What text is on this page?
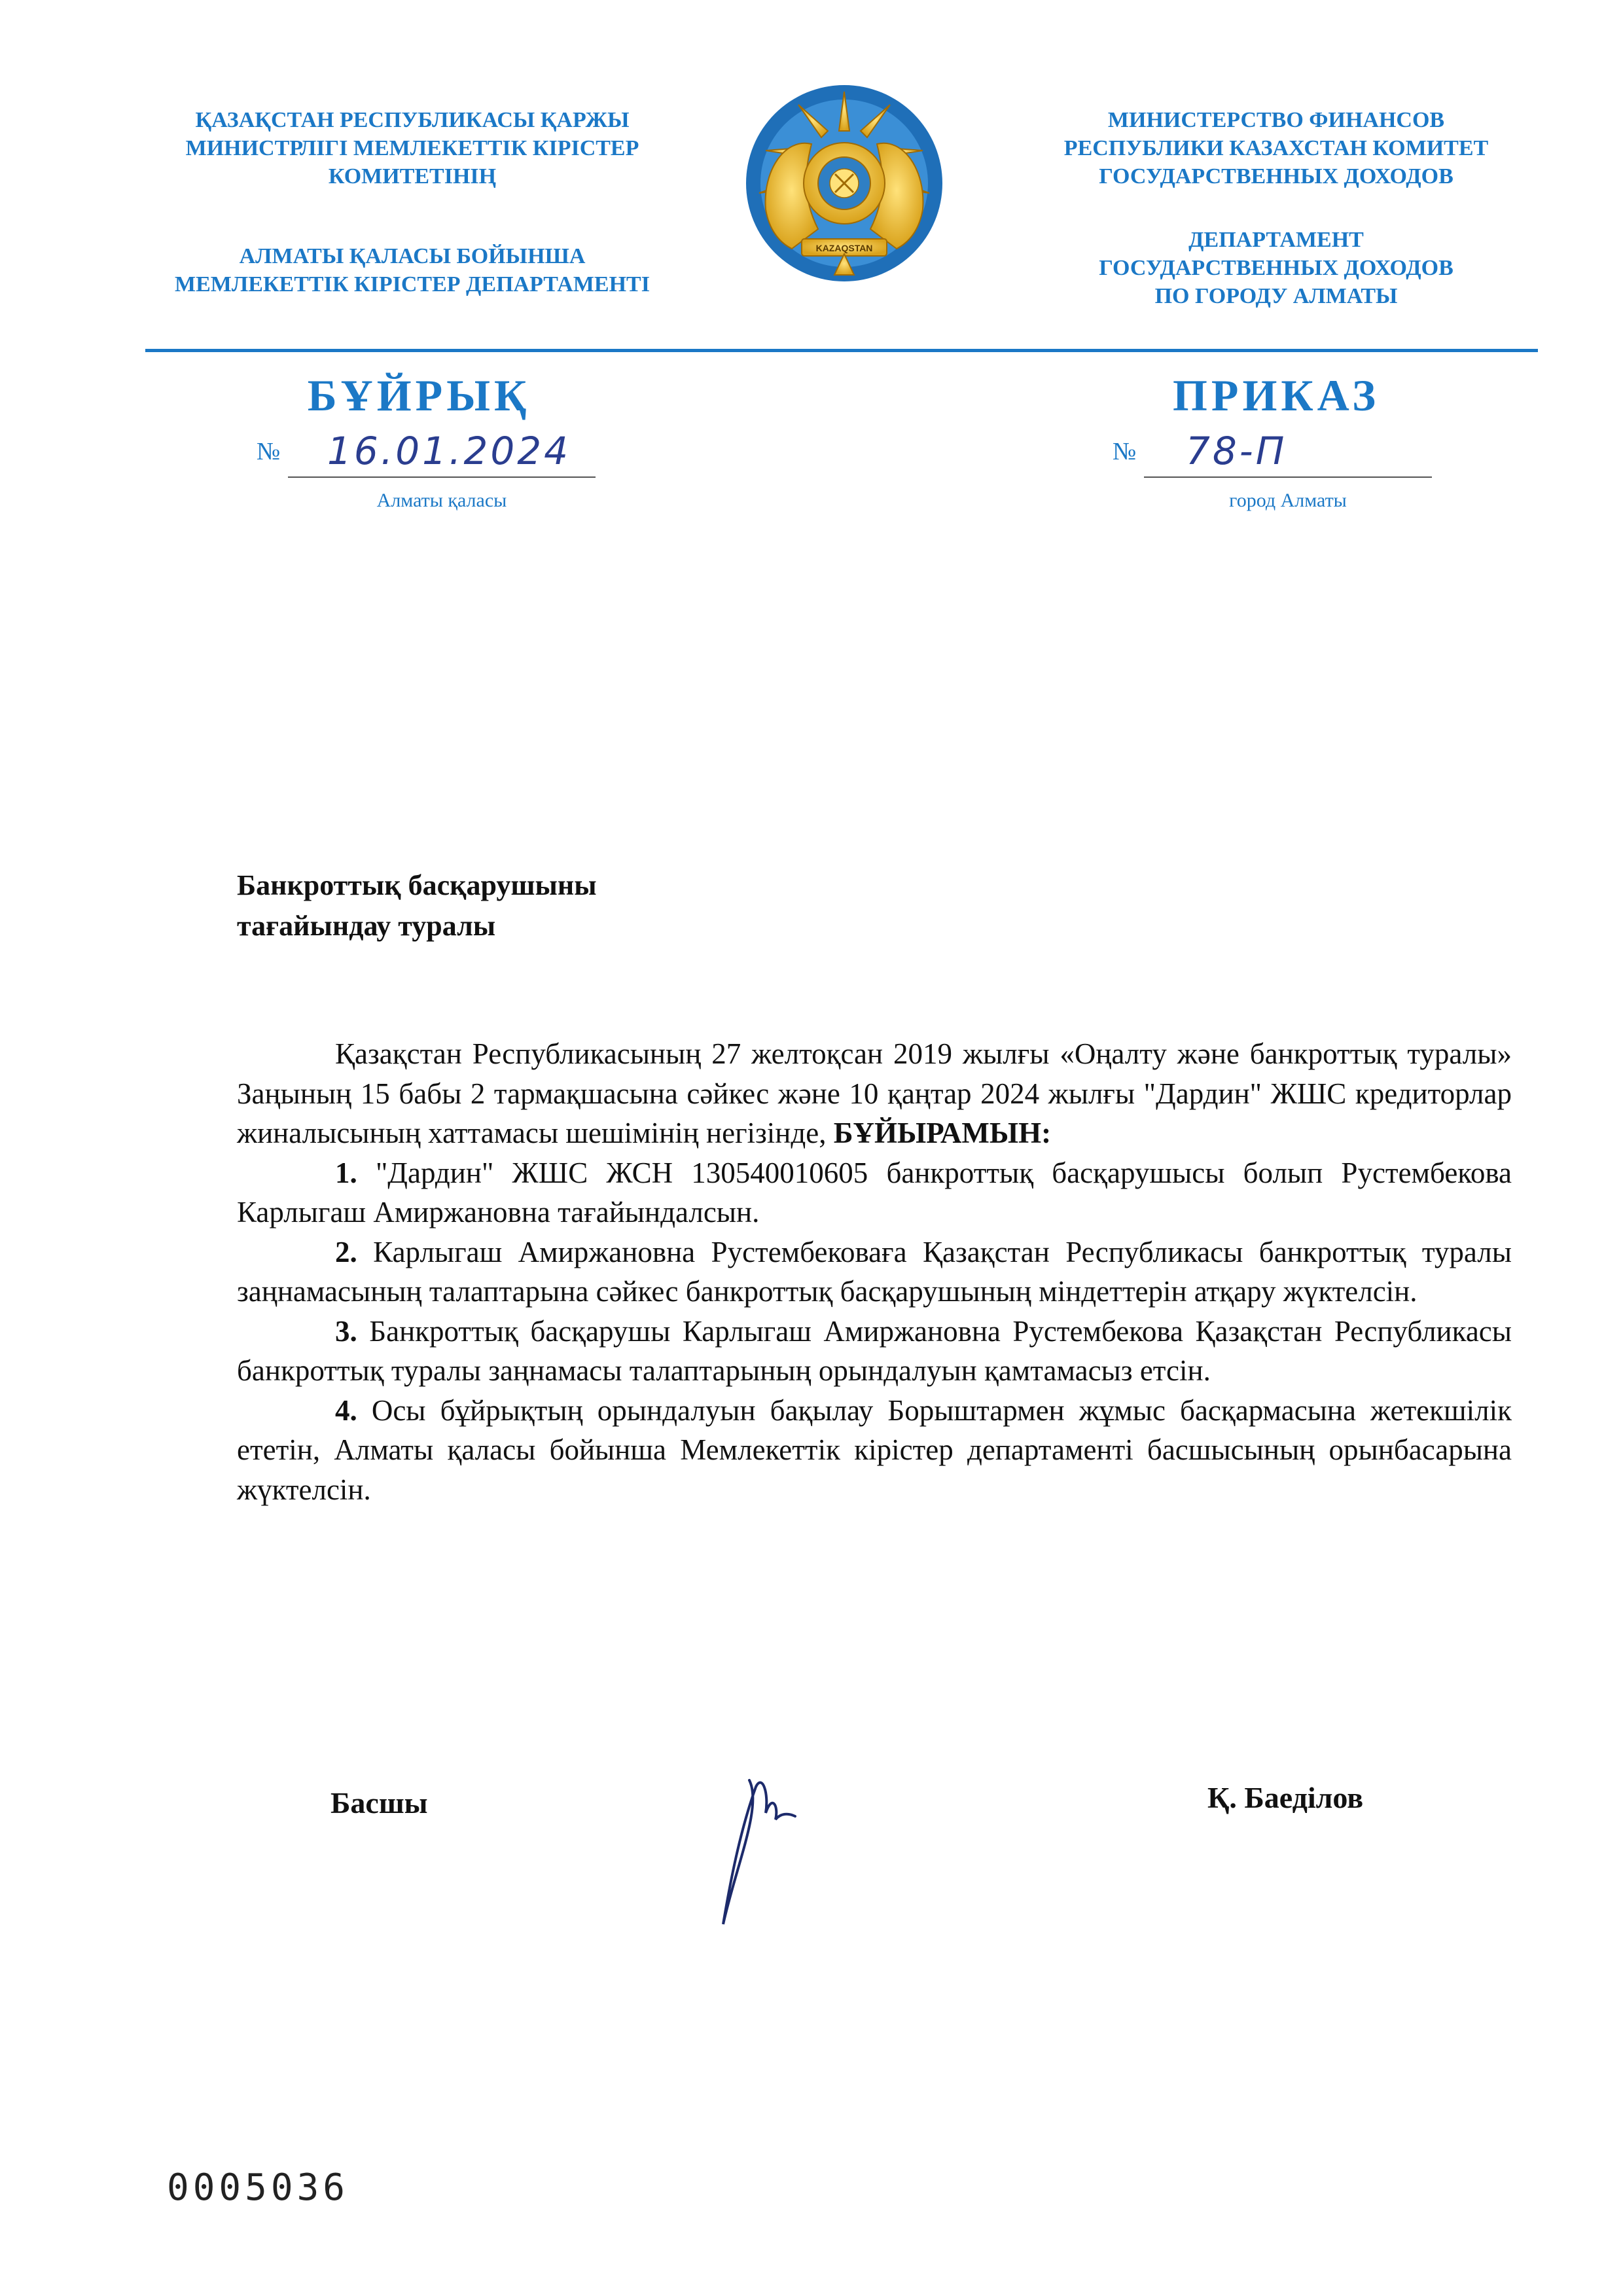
ҚАЗАҚСТАН РЕСПУБЛИКАСЫ ҚАРЖЫ
МИНИСТРЛІГІ МЕМЛЕКЕТТІК КІРІСТЕР
КОМИТЕТІНІҢ
АЛМАТЫ ҚАЛАСЫ БОЙЫНША
МЕМЛЕКЕТТІК КІРІСТЕР ДЕПАРТАМЕНТІ
KAZAQSTAN
МИНИСТЕРСТВО ФИНАНСОВ
РЕСПУБЛИКИ КАЗАХСТАН КОМИТЕТ
ГОСУДАРСТВЕННЫХ ДОХОДОВ
ДЕПАРТАМЕНТ
ГОСУДАРСТВЕННЫХ ДОХОДОВ
ПО ГОРОДУ АЛМАТЫ
БҰЙРЫҚ	ПРИКАЗ
№ 16.01.2024
Алматы қаласы
№ 78-П
город Алматы
Банкроттық басқарушыны
тағайындау туралы

Қазақстан Республикасының 27 желтоқсан 2019 жылғы «Оңалту және банкроттық туралы» Заңының 15 бабы 2 тармақшасына сәйкес және 10 қаңтар 2024 жылғы "Дардин" ЖШС кредиторлар жиналысының хаттамасы шешімінің негізінде, БҰЙЫРАМЫН:

1. "Дардин" ЖШС ЖСН 130540010605 банкроттық басқарушысы болып Рустембекова Карлыгаш Амиржановна тағайындалсын.

2. Карлыгаш Амиржановна Рустембековаға Қазақстан Республикасы банкроттық туралы заңнамасының талаптарына сәйкес банкроттық басқарушының міндеттерін атқару жүктелсін.

3. Банкроттық басқарушы Карлыгаш Амиржановна Рустембекова Қазақстан Республикасы банкроттық туралы заңнамасы талаптарының орындалуын қамтамасыз етсін.

4. Осы бұйрықтың орындалуын бақылау Борыштармен жұмыс басқармасына жетекшілік ететін, Алматы қаласы бойынша Мемлекеттік кірістер департаменті басшысының орынбасарына жүктелсін.

Басшы	Қ. Баеділов
0005036
